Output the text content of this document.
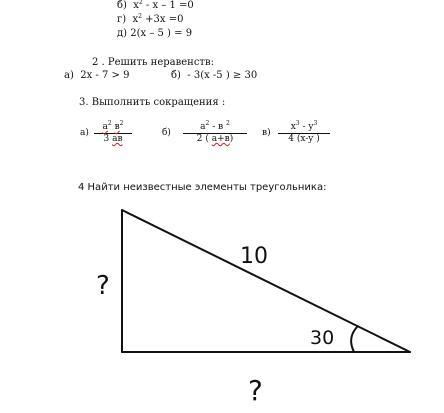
б) $x^2 - x - 1 =0$
г) $x^2 +3x =0$
д) 2(x – 5 ) = 9
2 . Решить неравенств:
а) 2x - 7 > 9	б) - 3(x -5 ) ≥ 30
3. Выполнить сокращения :
а)
$a^2$ $в^2$
3 ав
б)
$a^2$ - в $^2$
2 ( а+в)
$в) \frac{x^3 - y^3}{4 (x-y )}$
4 Найти неизвестные элементы треугольника:
10
30
?
?
